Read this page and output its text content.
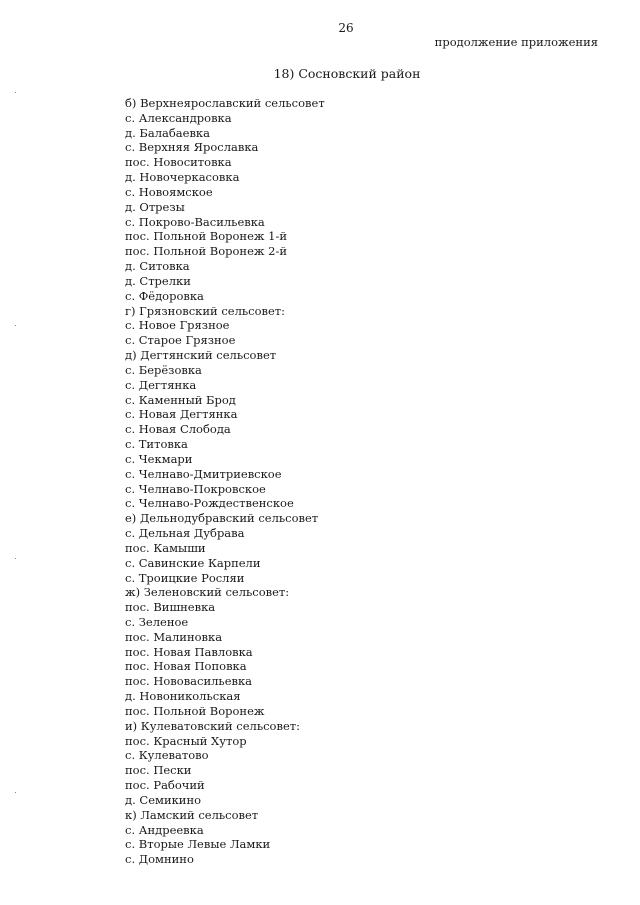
26
продолжение приложения
18) Сосновский район
б) Верхнеярославский сельсовет
с. Александровка
д. Балабаевка
с. Верхняя Ярославка
пос. Новоситовка
д. Новочеркасовка
с. Новоямское
д. Отрезы
с. Покрово-Васильевка
пос. Польной Воронеж 1-й
пос. Польной Воронеж 2-й
д. Ситовка
д. Стрелки
с. Фёдоровка
г) Грязновский сельсовет:
с. Новое Грязное
с. Старое Грязное
д) Дегтянский сельсовет
с. Берёзовка
с. Дегтянка
с. Каменный Брод
с. Новая Дегтянка
с. Новая Слобода
с. Титовка
с. Чекмари
с. Челнаво-Дмитриевское
с. Челнаво-Покровское
с. Челнаво-Рождественское
е) Дельнодубравский сельсовет
с. Дельная Дубрава
пос. Камыши
с. Савинские Карпели
с. Троицкие Росляи
ж) Зеленовский сельсовет:
пос. Вишневка
с. Зеленое
пос. Малиновка
пос. Новая Павловка
пос. Новая Поповка
пос. Нововасильевка
д. Новоникольская
пос. Польной Воронеж
и) Кулеватовский сельсовет:
пос. Красный Хутор
с. Кулеватово
пос. Пески
пос. Рабочий
д. Семикино
к) Ламский сельсовет
с. Андреевка
с. Вторые Левые Ламки
с. Домнино
